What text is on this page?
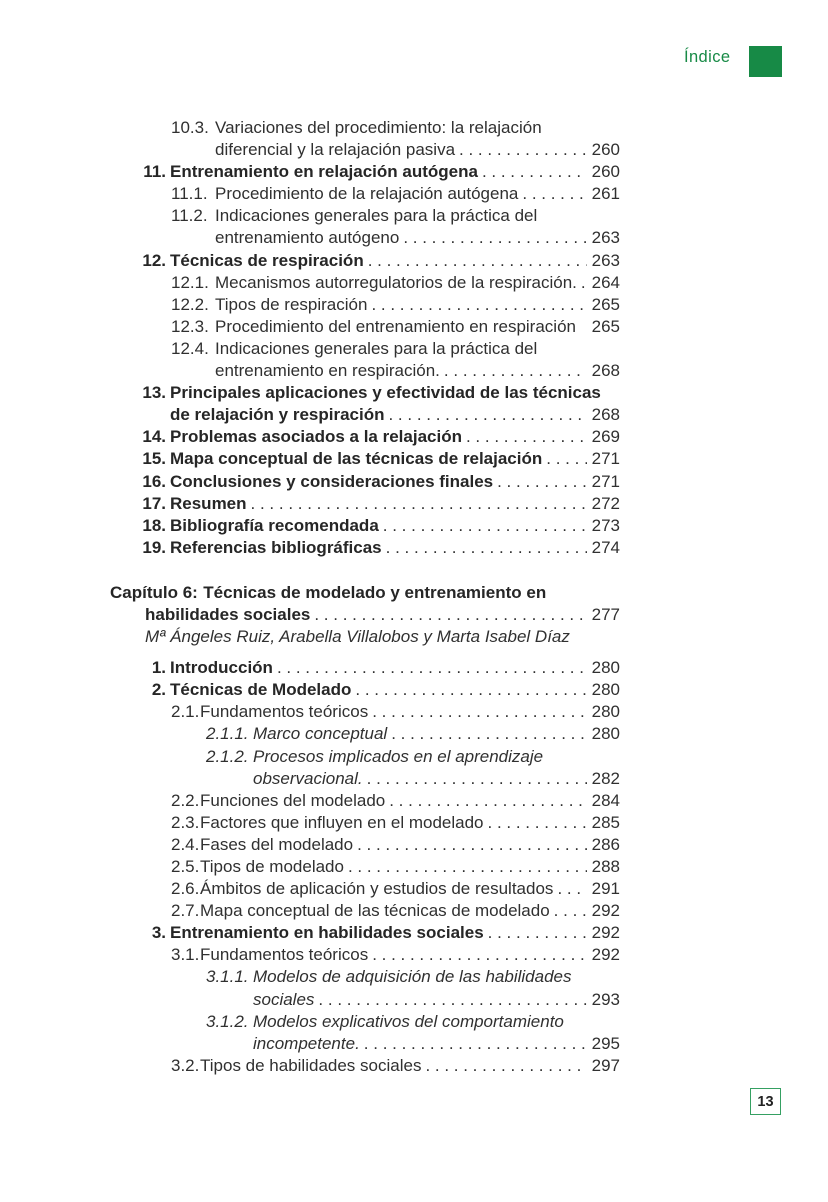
Índice
10.3. Variaciones del procedimiento: la relajación
diferencial y la relajación pasiva . . .	260
11. Entrenamiento en relajación autógena . . .	260
11.1. Procedimiento de la relajación autógena . . .	261
11.2. Indicaciones generales para la práctica del
entrenamiento autógeno . . .	263
12. Técnicas de respiración . . .	263
12.1. Mecanismos autorregulatorios de la respiración. . . . 264
12.2. Tipos de respiración . . .	265
12.3. Procedimiento del entrenamiento en respiración 265
12.4. Indicaciones generales para la práctica del
entrenamiento en respiración. . . .	268
13. Principales aplicaciones y efectividad de las técnicas
de relajación y respiración . . .	268
14. Problemas asociados a la relajación . . .	269
15. Mapa conceptual de las técnicas de relajación . . .	271
16. Conclusiones y consideraciones finales . . .	271
17. Resumen . . .	272
18. Bibliografía recomendada . . .	273
19. Referencias bibliográficas . . .	274
Capítulo 6: Técnicas de modelado y entrenamiento en
habilidades sociales . . .	277
Mª Ángeles Ruiz, Arabella Villalobos y Marta Isabel Díaz
1. Introducción . . .	280
2. Técnicas de Modelado . . .	280
2.1. Fundamentos teóricos . . .	280
2.1.1. Marco conceptual . . .	280
2.1.2. Procesos implicados en el aprendizaje
observacional. . . .	282
2.2. Funciones del modelado . . .	284
2.3. Factores que influyen en el modelado . . .	285
2.4. Fases del modelado . . .	286
2.5. Tipos de modelado . . .	288
2.6. Ámbitos de aplicación y estudios de resultados . . . 291
2.7. Mapa conceptual de las técnicas de modelado . . . 292
3. Entrenamiento en habilidades sociales . . .	292
3.1. Fundamentos teóricos . . .	292
3.1.1. Modelos de adquisición de las habilidades
sociales . . .	293
3.1.2. Modelos explicativos del comportamiento
incompetente. . . .	295
3.2. Tipos de habilidades sociales . . .	297
13
